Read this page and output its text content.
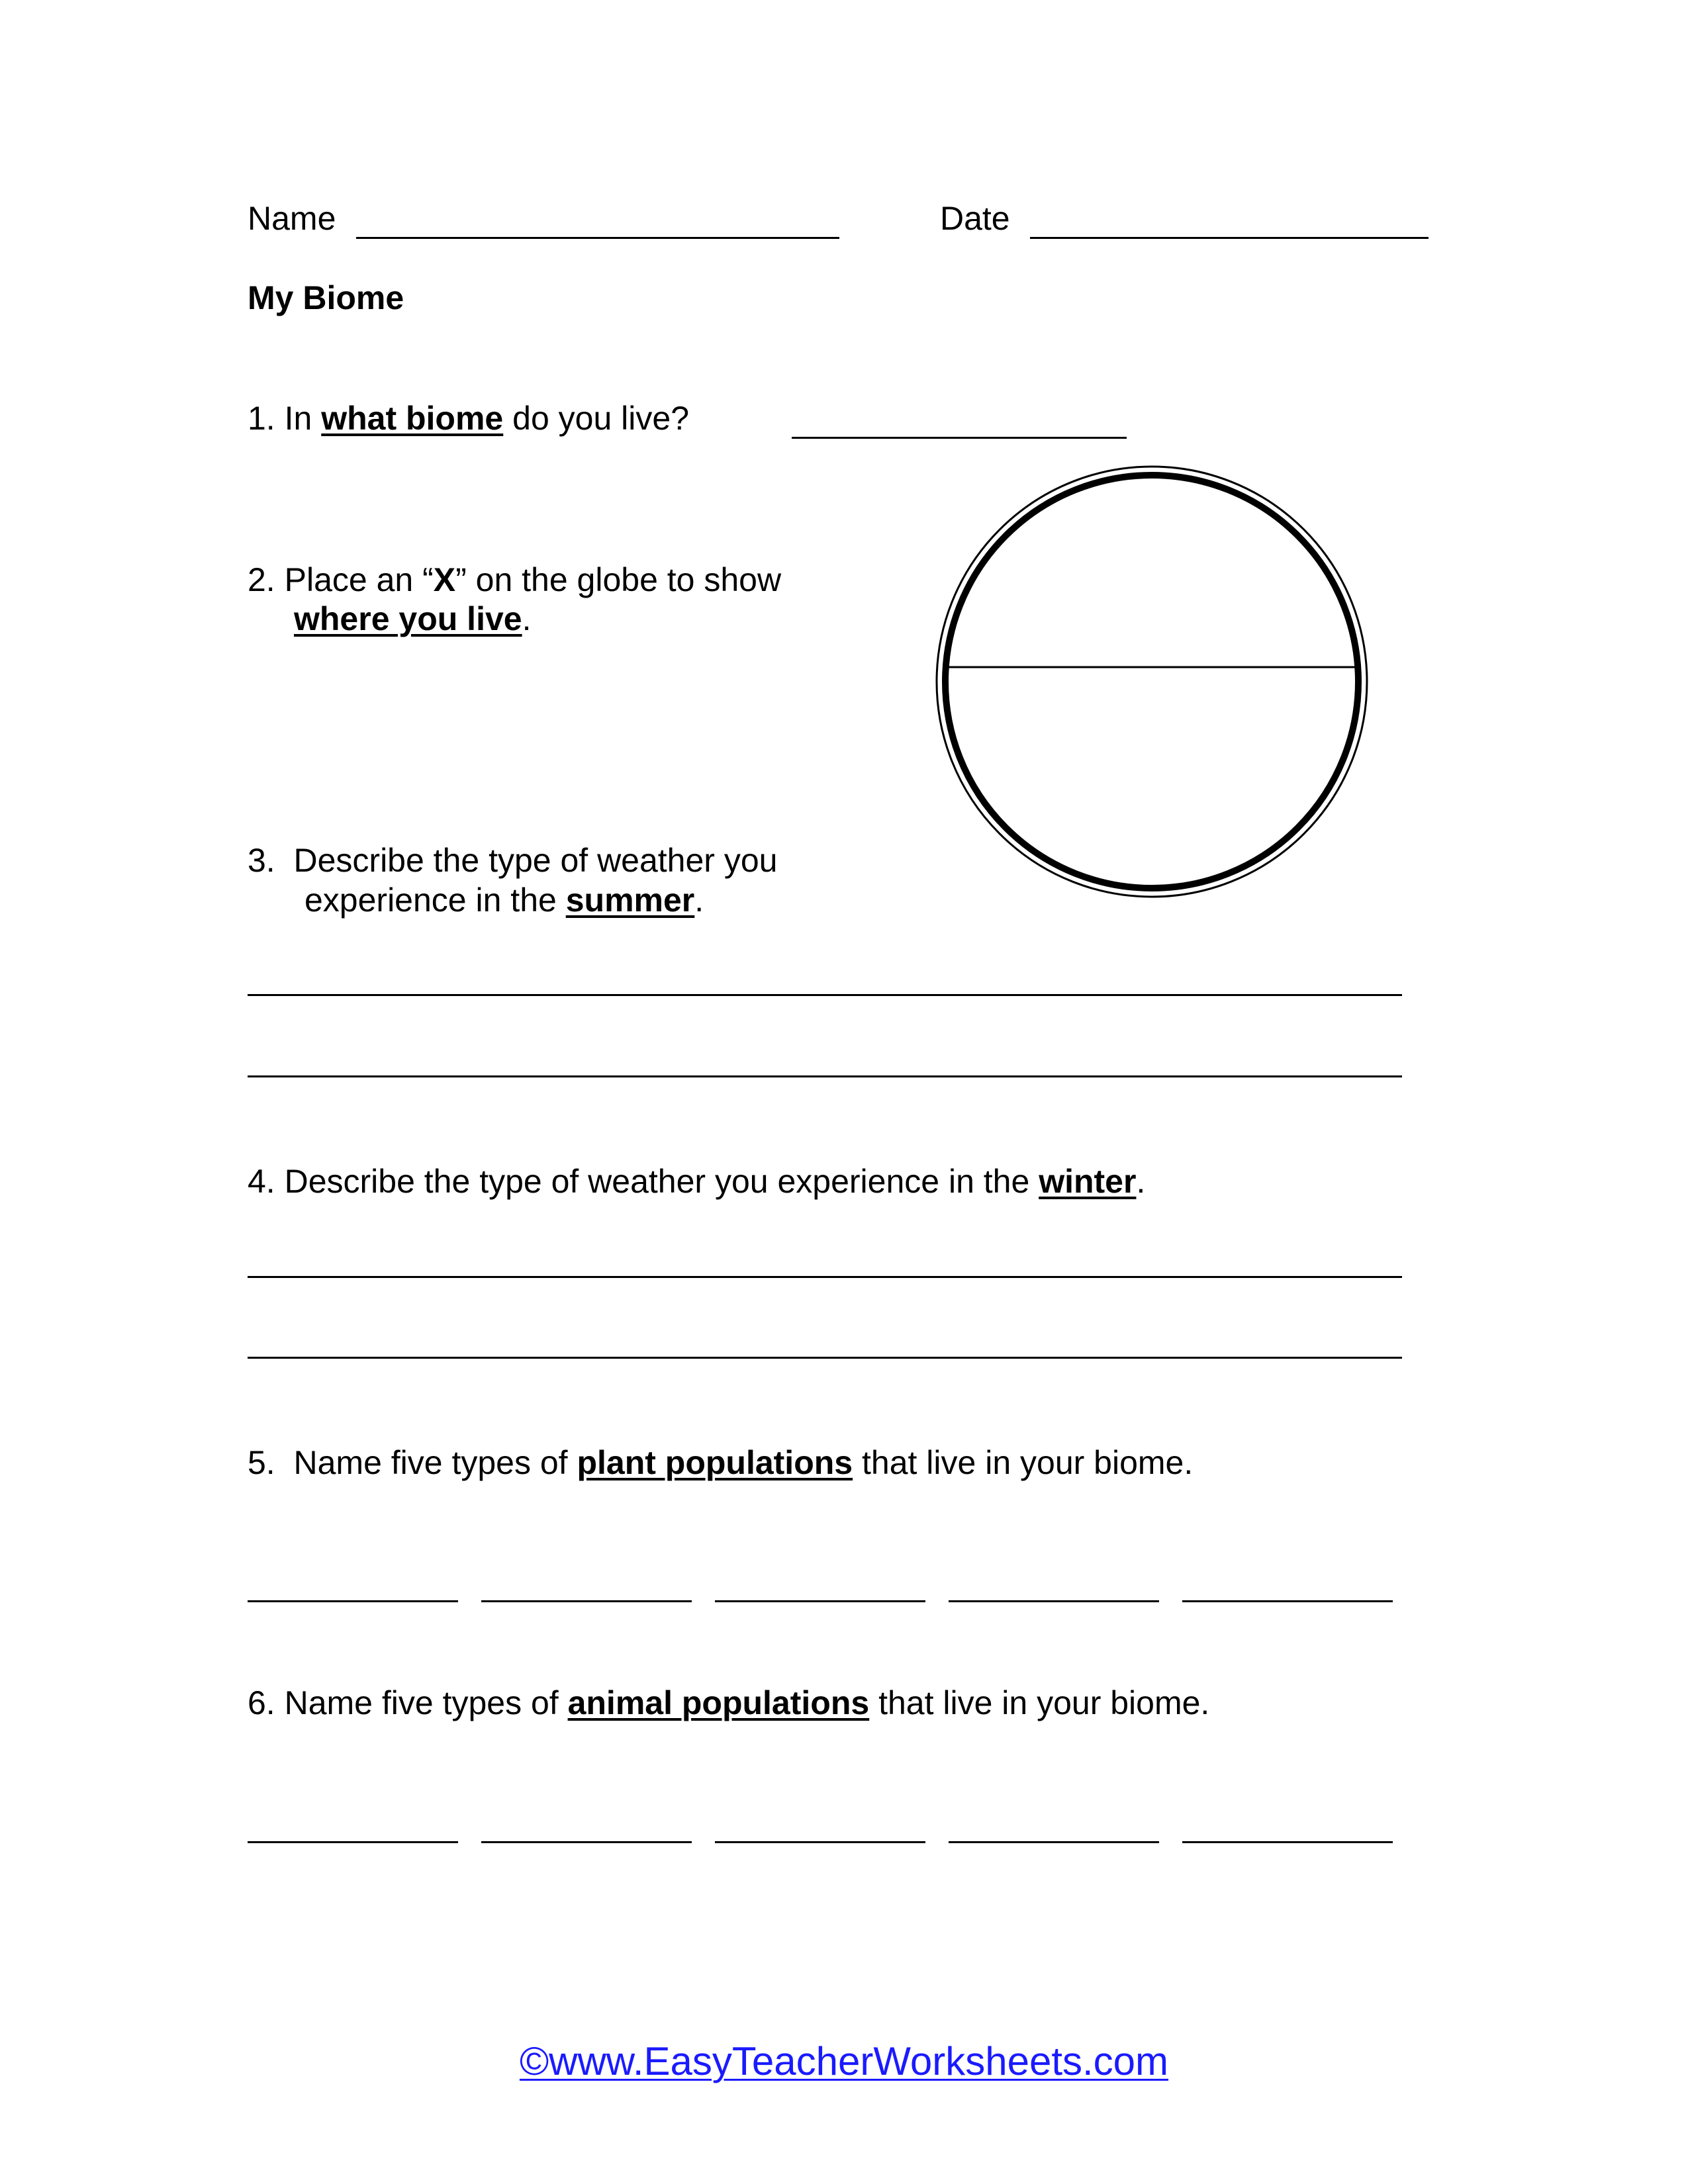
Name	Date
My Biome
1. In what biome do you live?
2. Place an “X” on the globe to show
where you live.
3. Describe the type of weather you
experience in the summer.
4. Describe the type of weather you experience in the winter.
5. Name five types of plant populations that live in your biome.
6. Name five types of animal populations that live in your biome.
©www.EasyTeacherWorksheets.com
